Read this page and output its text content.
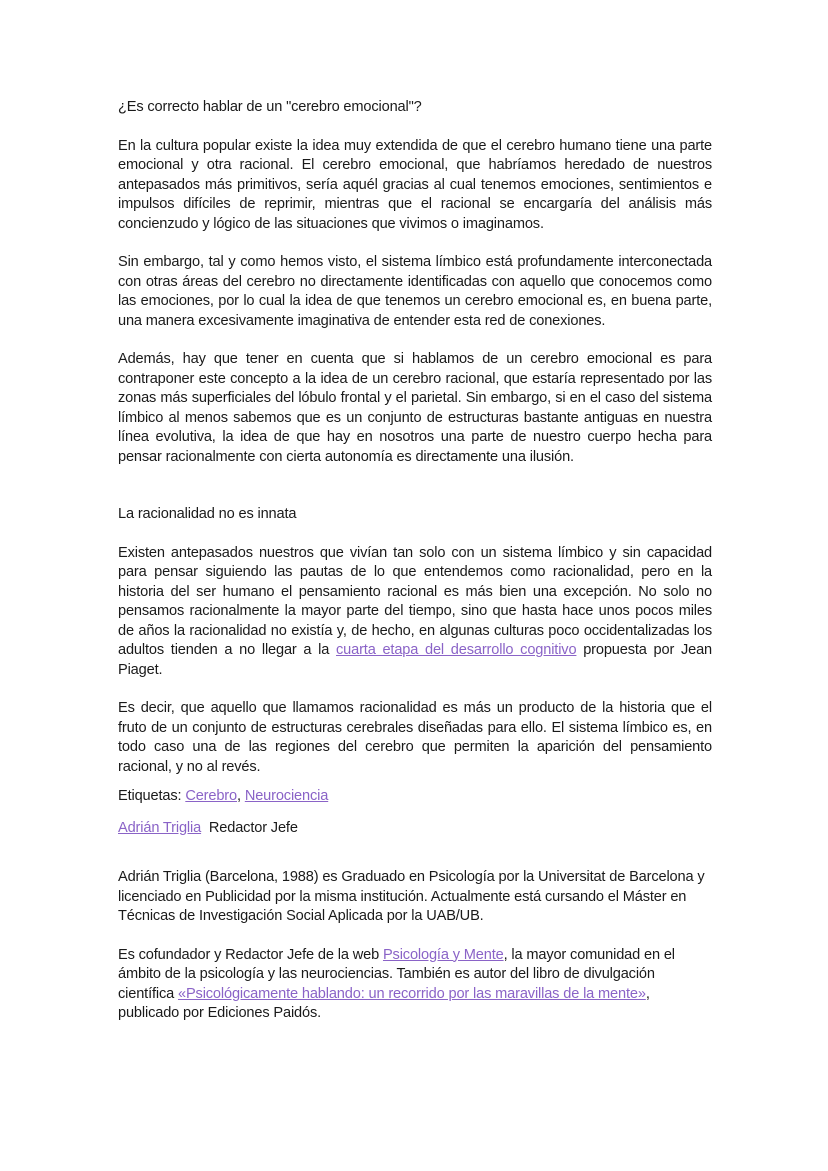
¿Es correcto hablar de un "cerebro emocional"?

En la cultura popular existe la idea muy extendida de que el cerebro humano tiene una parte emocional y otra racional. El cerebro emocional, que habríamos heredado de nuestros antepasados más primitivos, sería aquél gracias al cual tenemos emociones, sentimientos e impulsos difíciles de reprimir, mientras que el racional se encargaría del análisis más concienzudo y lógico de las situaciones que vivimos o imaginamos.

Sin embargo, tal y como hemos visto, el sistema límbico está profundamente interconectada con otras áreas del cerebro no directamente identificadas con aquello que conocemos como las emociones, por lo cual la idea de que tenemos un cerebro emocional es, en buena parte, una manera excesivamente imaginativa de entender esta red de conexiones.

Además, hay que tener en cuenta que si hablamos de un cerebro emocional es para contraponer este concepto a la idea de un cerebro racional, que estaría representado por las zonas más superficiales del lóbulo frontal y el parietal. Sin embargo, si en el caso del sistema límbico al menos sabemos que es un conjunto de estructuras bastante antiguas en nuestra línea evolutiva, la idea de que hay en nosotros una parte de nuestro cuerpo hecha para pensar racionalmente con cierta autonomía es directamente una ilusión.

La racionalidad no es innata

Existen antepasados nuestros que vivían tan solo con un sistema límbico y sin capacidad para pensar siguiendo las pautas de lo que entendemos como racionalidad, pero en la historia del ser humano el pensamiento racional es más bien una excepción. No solo no pensamos racionalmente la mayor parte del tiempo, sino que hasta hace unos pocos miles de años la racionalidad no existía y, de hecho, en algunas culturas poco occidentalizadas los adultos tienden a no llegar a la cuarta etapa del desarrollo cognitivo propuesta por Jean Piaget.

Es decir, que aquello que llamamos racionalidad es más un producto de la historia que el fruto de un conjunto de estructuras cerebrales diseñadas para ello. El sistema límbico es, en todo caso una de las regiones del cerebro que permiten la aparición del pensamiento racional, y no al revés.

Etiquetas: Cerebro, Neurociencia

Adrián Triglia Redactor Jefe

Adrián Triglia (Barcelona, 1988) es Graduado en Psicología por la Universitat de Barcelona y licenciado en Publicidad por la misma institución. Actualmente está cursando el Máster en Técnicas de Investigación Social Aplicada por la UAB/UB.

Es cofundador y Redactor Jefe de la web Psicología y Mente, la mayor comunidad en el ámbito de la psicología y las neurociencias. También es autor del libro de divulgación científica «Psicológicamente hablando: un recorrido por las maravillas de la mente», publicado por Ediciones Paidós.
